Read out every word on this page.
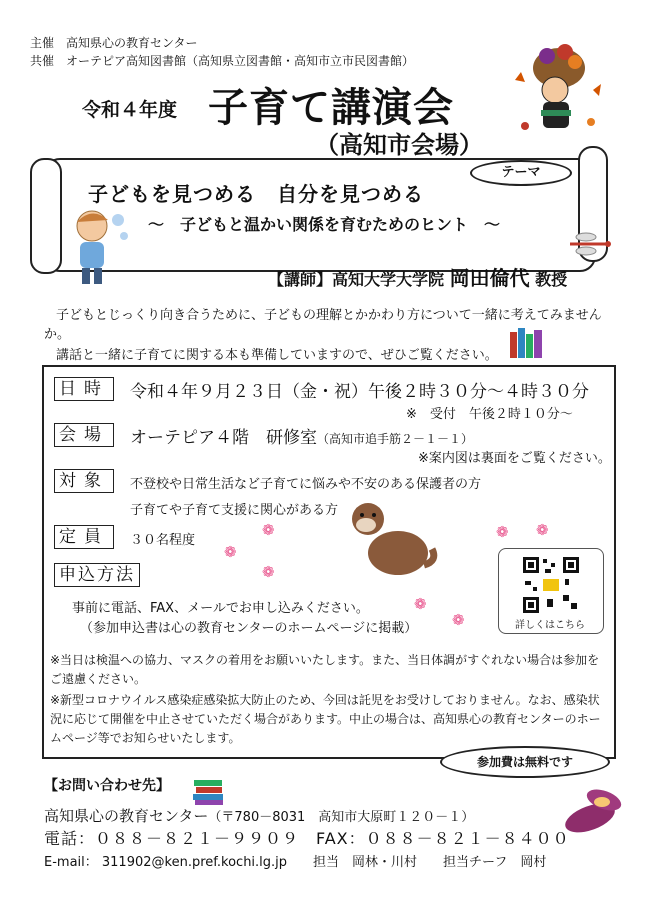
主催　高知県心の教育センター
共催　オーテピア高知図書館（高知県立図書館・高知市立市民図書館）
令和４年度 子育て講演会
（高知市会場）
テーマ
子どもを見つめる　自分を見つめる
～　子どもと温かい関係を育むためのヒント　～
【講師】高知大学大学院 岡田倫代 教授
子どもとじっくり向き合うために、子どもの理解とかかわり方について一緒に考えてみませんか。
講話と一緒に子育てに関する本も準備していますので、ぜひご覧ください。
日時 令和４年９月２３日（金・祝）午後２時３０分～４時３０分
※　受付　午後２時１０分～
会場 オーテピア４階　研修室（高知市追手筋２－１－１）
※案内図は裏面をご覧ください。
対象	不登校や日常生活など子育てに悩みや不安のある保護者の方
子育てや子育て支援に関心がある方
定員	３０名程度
申込方法
事前に電話、FAX、メールでお申し込みください。
（参加申込書は心の教育センターのホームページに掲載）
❁
❁
❁
❁ ❁
❁
❁
※当日は検温への協力、マスクの着用をお願いいたします。また、当日体調がすぐれない場合は参加をご遠慮ください。
※新型コロナウイルス感染症感染拡大防止のため、今回は託児をお受けしておりません。なお、感染状況に応じて開催を中止させていただく場合があります。中止の場合は、高知県心の教育センターのホームページ等でお知らせいたします。
詳しくはこちら
参加費は無料です
【お問い合わせ先】
高知県心の教育センター（〒780－8031　高知市大原町１２０－１）
電話：０８８－８２１－９９０９　FAX：０８８－８２１－８４００
E-mail： 311902@ken.pref.kochi.lg.jp　　担当　岡林・川村　　担当チーフ　岡村
